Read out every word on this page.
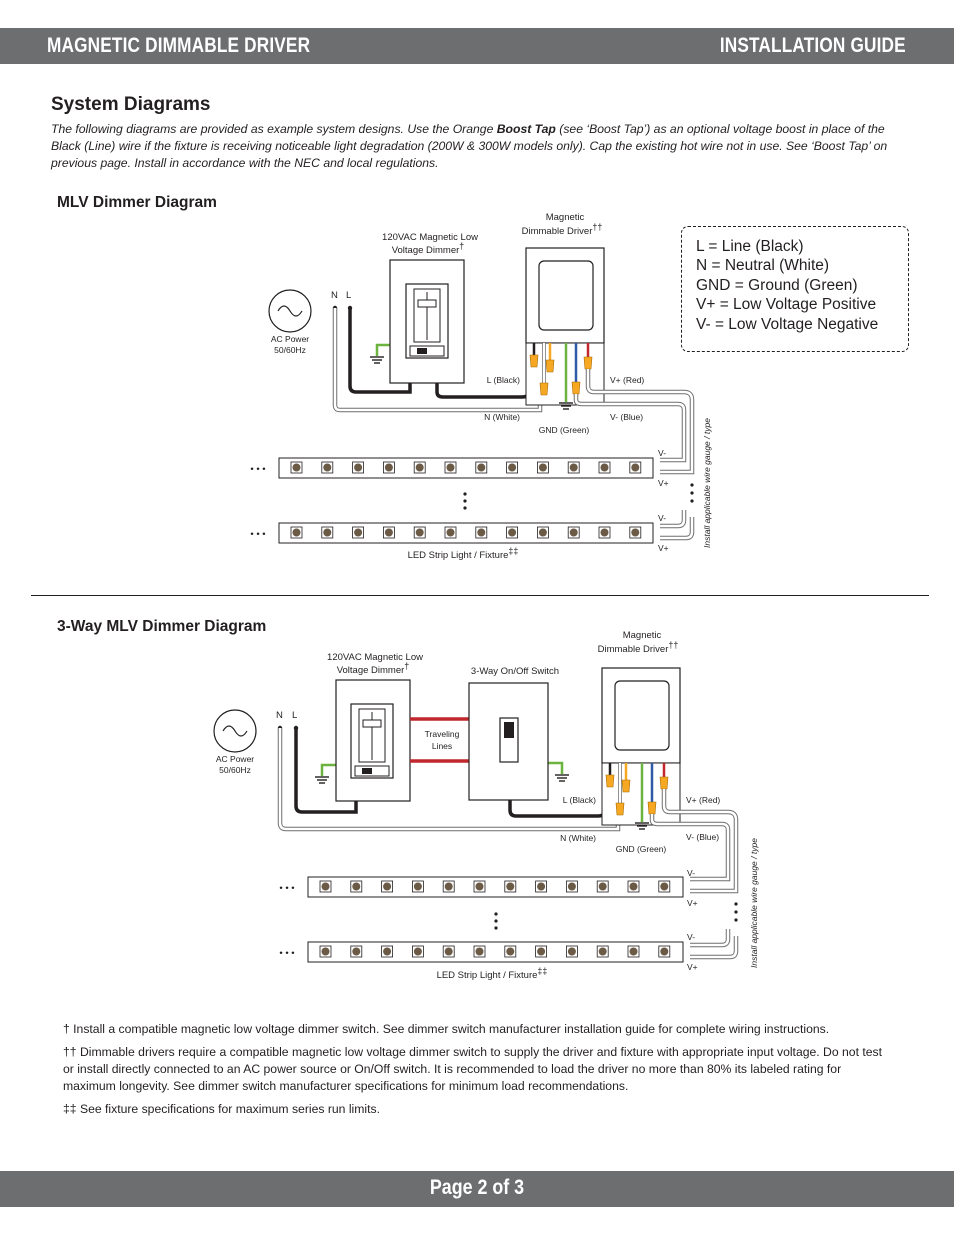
MAGNETIC DIMMABLE DRIVER	INSTALLATION GUIDE
System Diagrams
The following diagrams are provided as example system designs. Use the Orange Boost Tap (see ‘Boost Tap’) as an optional voltage boost in place of the Black (Line) wire if the fixture is receiving noticeable light degradation (200W & 300W models only). Cap the existing hot wire not in use. See ‘Boost Tap’ on previous page. Install in accordance with the NEC and local regulations.
MLV Dimmer Diagram
L = Line (Black)
N = Neutral (White)
GND = Ground (Green)
V+ = Low Voltage Positive
V- = Low Voltage Negative
AC Power
50/60Hz
N L
120VAC Magnetic Low
Voltage Dimmer†
Magnetic
Dimmable Driver††
L (Black)
N (White)
GND (Green)
V+ (Red)
V- (Blue)
Install applicable wire gauge / type
V-
V+
• • •
V-
V+
• • •
LED Strip Light / Fixture‡‡
3-Way MLV Dimmer Diagram
AC Power
50/60Hz
N L
120VAC Magnetic Low
Voltage Dimmer†
Traveling
Lines
3-Way On/Off Switch
Magnetic
Dimmable Driver††
L (Black)
N (White)
GND (Green)
V+ (Red)
V- (Blue)
Install applicable wire gauge / type
V-
V+
• • •
V-
V+
• • •
LED Strip Light / Fixture‡‡

† Install a compatible magnetic low voltage dimmer switch. See dimmer switch manufacturer installation guide for complete wiring instructions.

†† Dimmable drivers require a compatible magnetic low voltage dimmer switch to supply the driver and fixture with appropriate input voltage. Do not test or install directly connected to an AC power source or On/Off switch. It is recommended to load the driver no more than 80% its labeled rating for maximum longevity. See dimmer switch manufacturer specifications for minimum load recommendations.

‡‡ See fixture specifications for maximum series run limits.

Page 2 of 3
